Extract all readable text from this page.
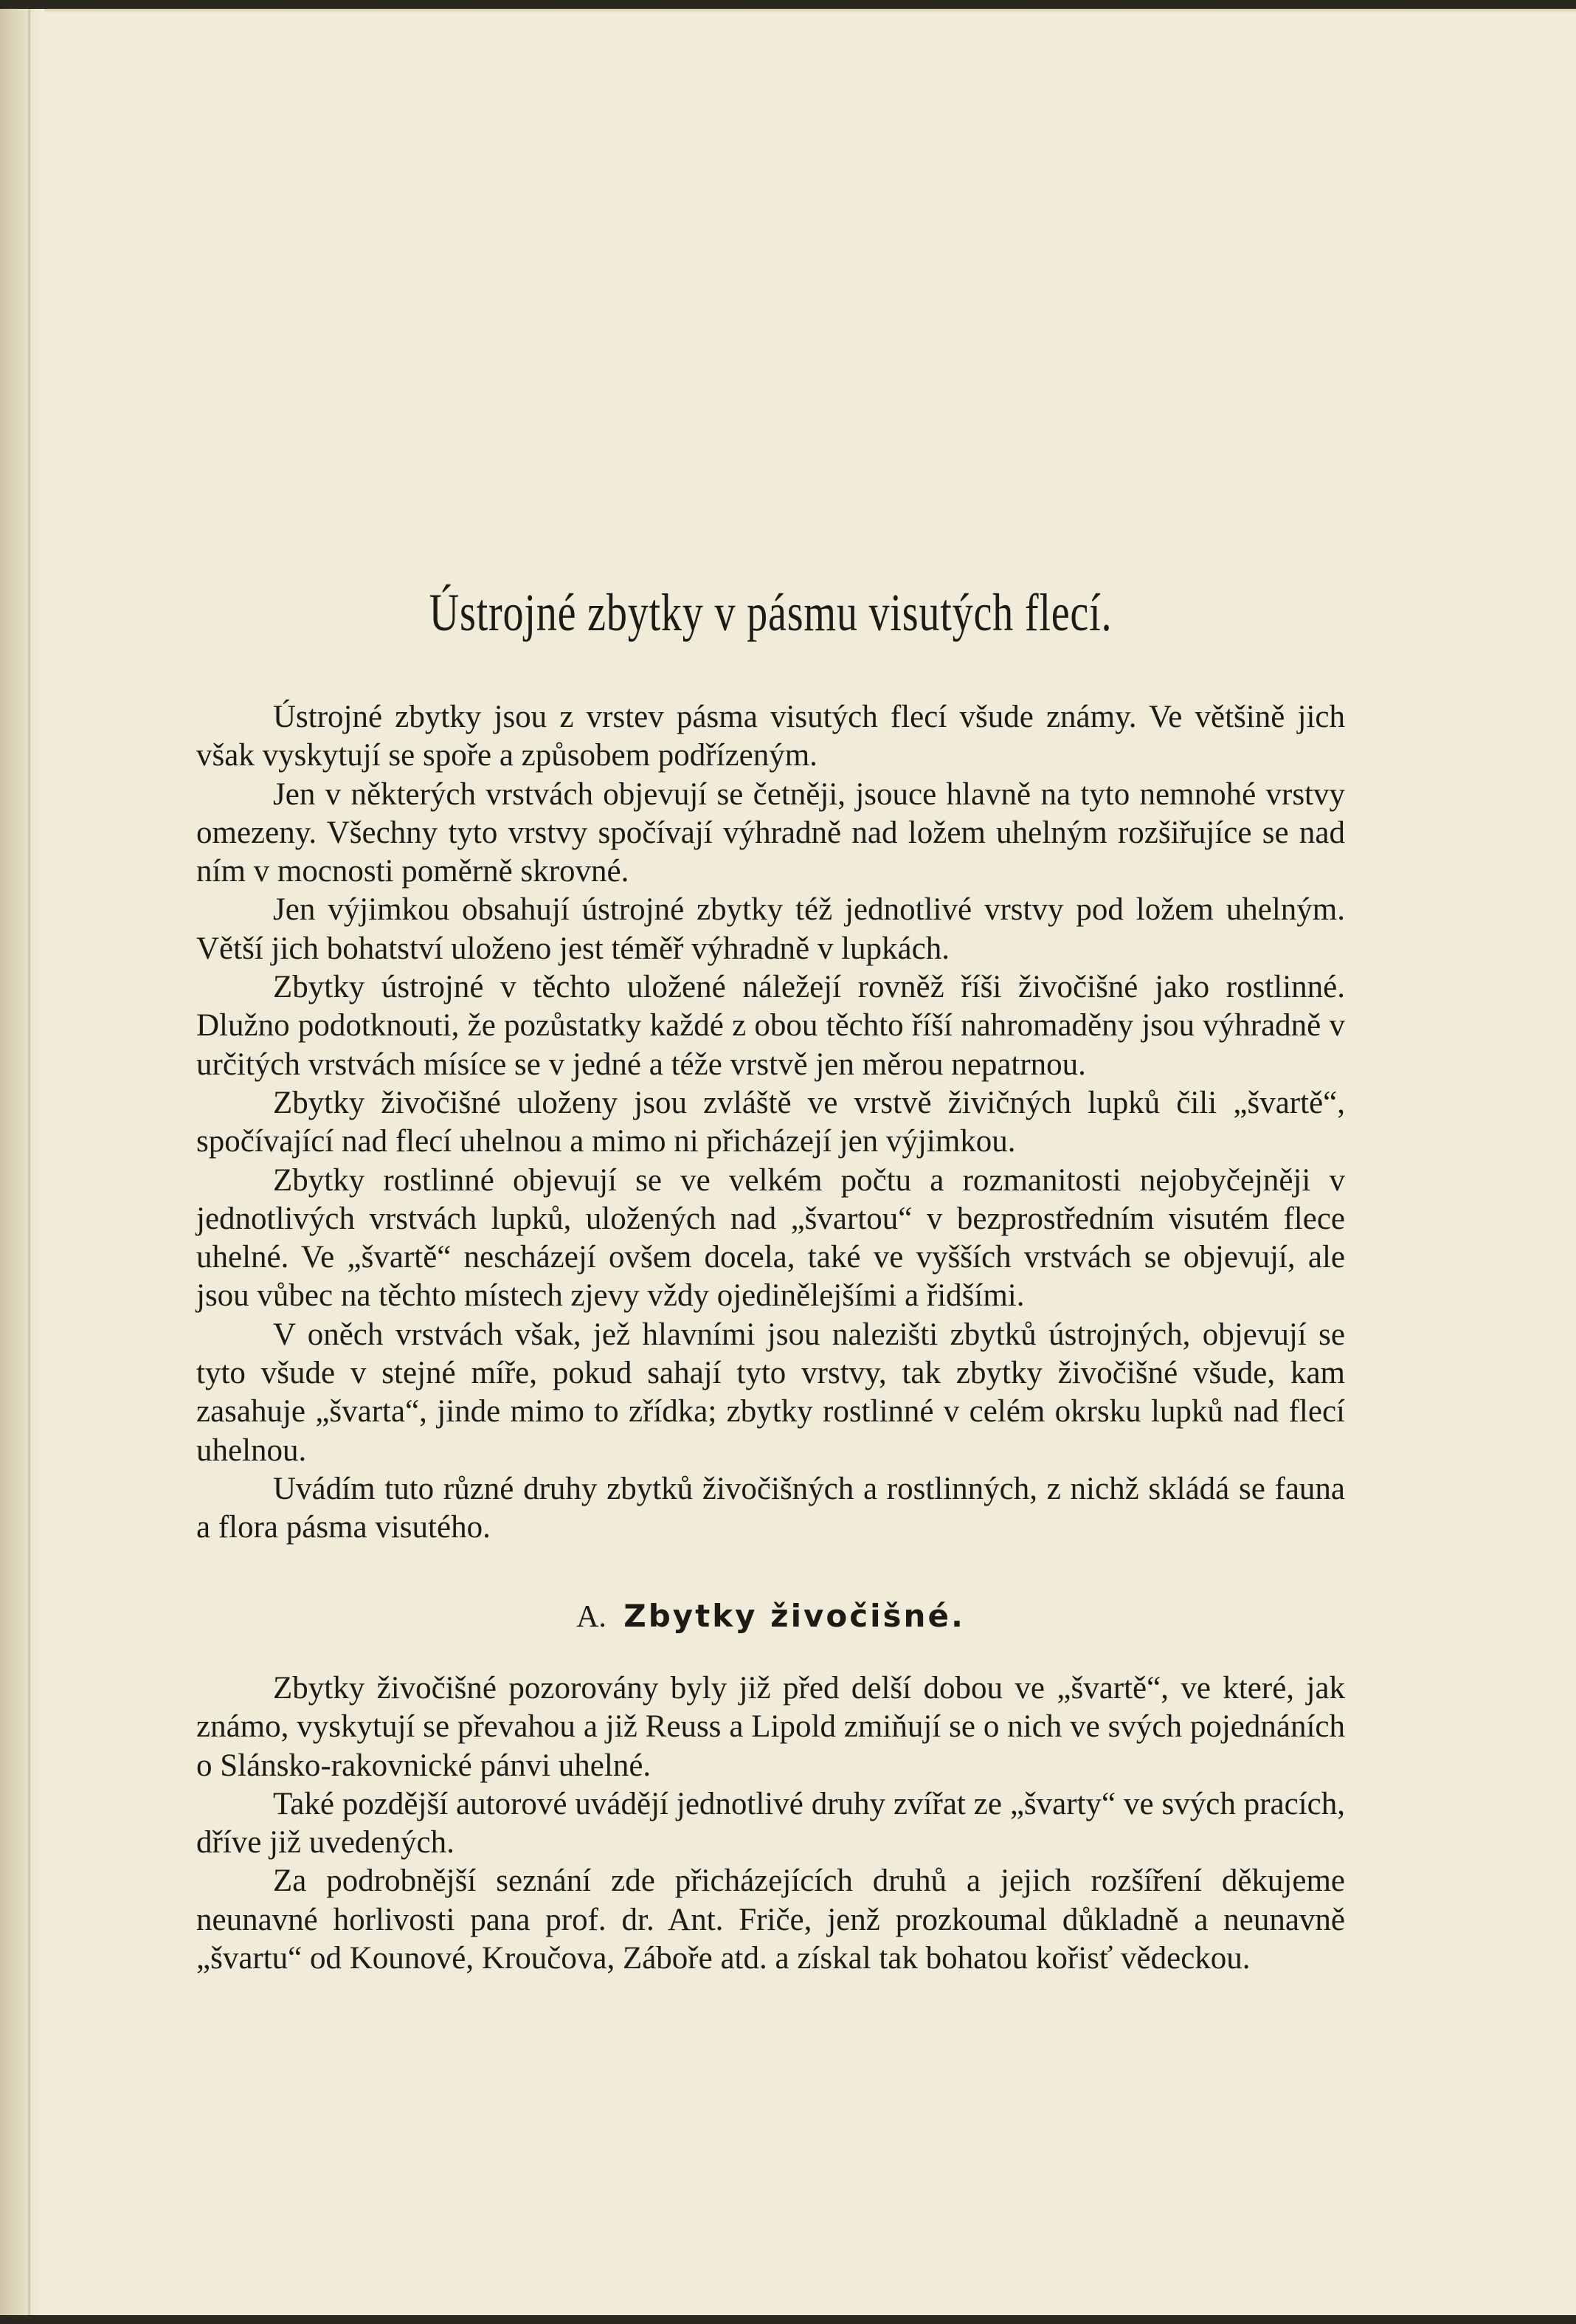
Ústrojné zbytky v pásmu visutých flecí.

Ústrojné zbytky jsou z vrstev pásma visutých flecí všude známy. Ve většině jich však vyskytují se spoře a způsobem podřízeným.

Jen v některých vrstvách objevují se četněji, jsouce hlavně na tyto nemnohé vrstvy omezeny. Všechny tyto vrstvy spočívají výhradně nad ložem uhelným rozšiřujíce se nad ním v mocnosti poměrně skrovné.

Jen výjimkou obsahují ústrojné zbytky též jednotlivé vrstvy pod ložem uhelným. Větší jich bohatství uloženo jest téměř výhradně v lupkách.

Zbytky ústrojné v těchto uložené náležejí rovněž říši živočišné jako rostlinné. Dlužno podotknouti, že pozůstatky každé z obou těchto říší nahromaděny jsou výhradně v určitých vrstvách mísíce se v jedné a téže vrstvě jen měrou nepatrnou.

Zbytky živočišné uloženy jsou zvláště ve vrstvě živičných lupků čili „švartě“, spočívající nad flecí uhelnou a mimo ni přicházejí jen výjimkou.

Zbytky rostlinné objevují se ve velkém počtu a rozmanitosti nejobyčejněji v jednotlivých vrstvách lupků, uložených nad „švartou“ v bezprostředním visutém flece uhelné. Ve „švartě“ nescházejí ovšem docela, také ve vyšších vrstvách se objevují, ale jsou vůbec na těchto místech zjevy vždy ojedinělejšími a řidšími.

V oněch vrstvách však, jež hlavními jsou nalezišti zbytků ústrojných, objevují se tyto všude v stejné míře, pokud sahají tyto vrstvy, tak zbytky živočišné všude, kam zasahuje „švarta“, jinde mimo to zřídka; zbytky rostlinné v celém okrsku lupků nad flecí uhelnou.

Uvádím tuto různé druhy zbytků živočišných a rostlinných, z nichž skládá se fauna a flora pásma visutého.

A. Zbytky živočišné.

Zbytky živočišné pozorovány byly již před delší dobou ve „švartě“, ve které, jak známo, vyskytují se převahou a již Reuss a Lipold zmiňují se o nich ve svých pojednáních o Slánsko-rakovnické pánvi uhelné.

Také pozdější autorové uvádějí jednotlivé druhy zvířat ze „švarty“ ve svých pracích, dříve již uvedených.

Za podrobnější seznání zde přicházejících druhů a jejich rozšíření děkujeme neunavné horlivosti pana prof. dr. Ant. Friče, jenž prozkoumal důkladně a neunavně „švartu“ od Kounové, Kroučova, Záboře atd. a získal tak bohatou kořisť vědeckou.
